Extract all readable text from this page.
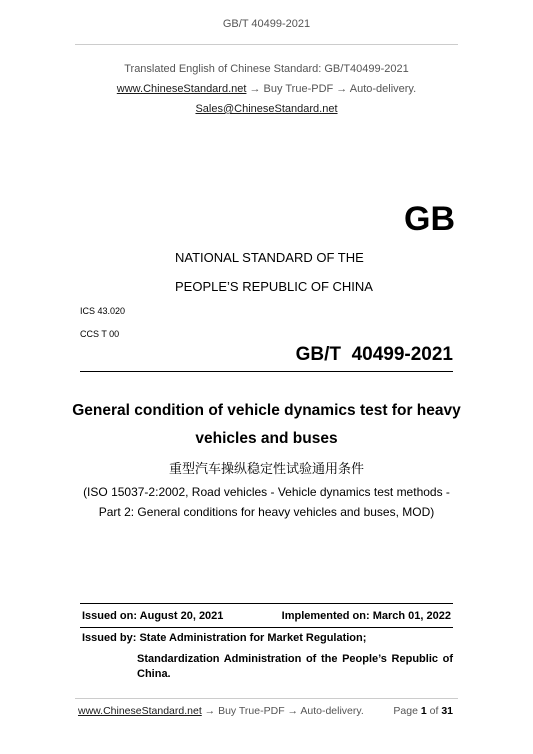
GB/T 40499-2021
Translated English of Chinese Standard: GB/T40499-2021
www.ChineseStandard.net → Buy True-PDF → Auto-delivery.
Sales@ChineseStandard.net
GB
NATIONAL STANDARD OF THE
PEOPLE’S REPUBLIC OF CHINA
ICS 43.020
CCS T 00
GB/T  40499-2021
General condition of vehicle dynamics test for heavy
vehicles and buses
重型汽车操纵稳定性试验通用条件
(ISO 15037-2:2002, Road vehicles - Vehicle dynamics test methods -
Part 2: General conditions for heavy vehicles and buses, MOD)
Issued on: August 20, 2021	Implemented on: March 01, 2022
Issued by: State Administration for Market Regulation;
Standardization Administration of the People’s Republic of
China.
www.ChineseStandard.net → Buy True-PDF → Auto-delivery.	Page 1 of 31
